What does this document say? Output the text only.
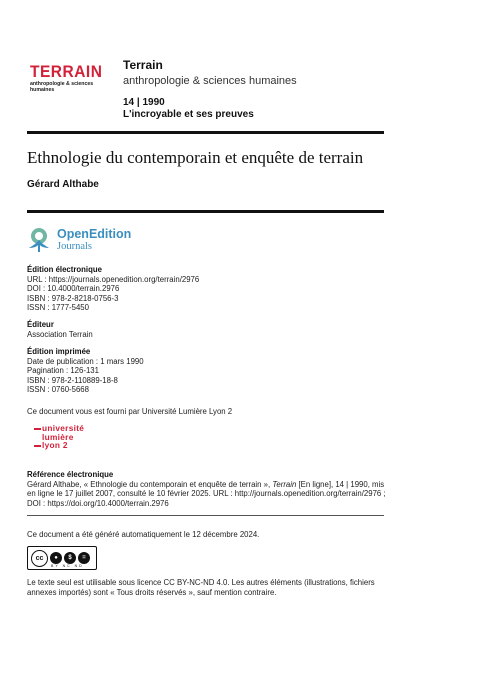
TERRAIN
anthropologie & sciences humaines
Terrain
anthropologie & sciences humaines
14 | 1990
L'incroyable et ses preuves
Ethnologie du contemporain et enquête de terrain
Gérard Althabe
OpenEdition
Journals
Édition électronique
URL : https://journals.openedition.org/terrain/2976
DOI : 10.4000/terrain.2976
ISBN : 978-2-8218-0756-3
ISSN : 1777-5450
Éditeur
Association Terrain
Édition imprimée
Date de publication : 1 mars 1990
Pagination : 126-131
ISBN : 978-2-110889-18-8
ISSN : 0760-5668
Ce document vous est fourni par Université Lumière Lyon 2
université
lumière
lyon 2
Référence électronique
Gérard Althabe, « Ethnologie du contemporain et enquête de terrain », Terrain [En ligne], 14 | 1990, mis en ligne le 17 juillet 2007, consulté le 10 février 2025. URL : http://journals.openedition.org/terrain/2976 ; DOI : https://doi.org/10.4000/terrain.2976
Ce document a été généré automatiquement le 12 décembre 2024.
cc	●	$	=
BY NC ND
Le texte seul est utilisable sous licence CC BY-NC-ND 4.0. Les autres éléments (illustrations, fichiers annexes importés) sont « Tous droits réservés », sauf mention contraire.
